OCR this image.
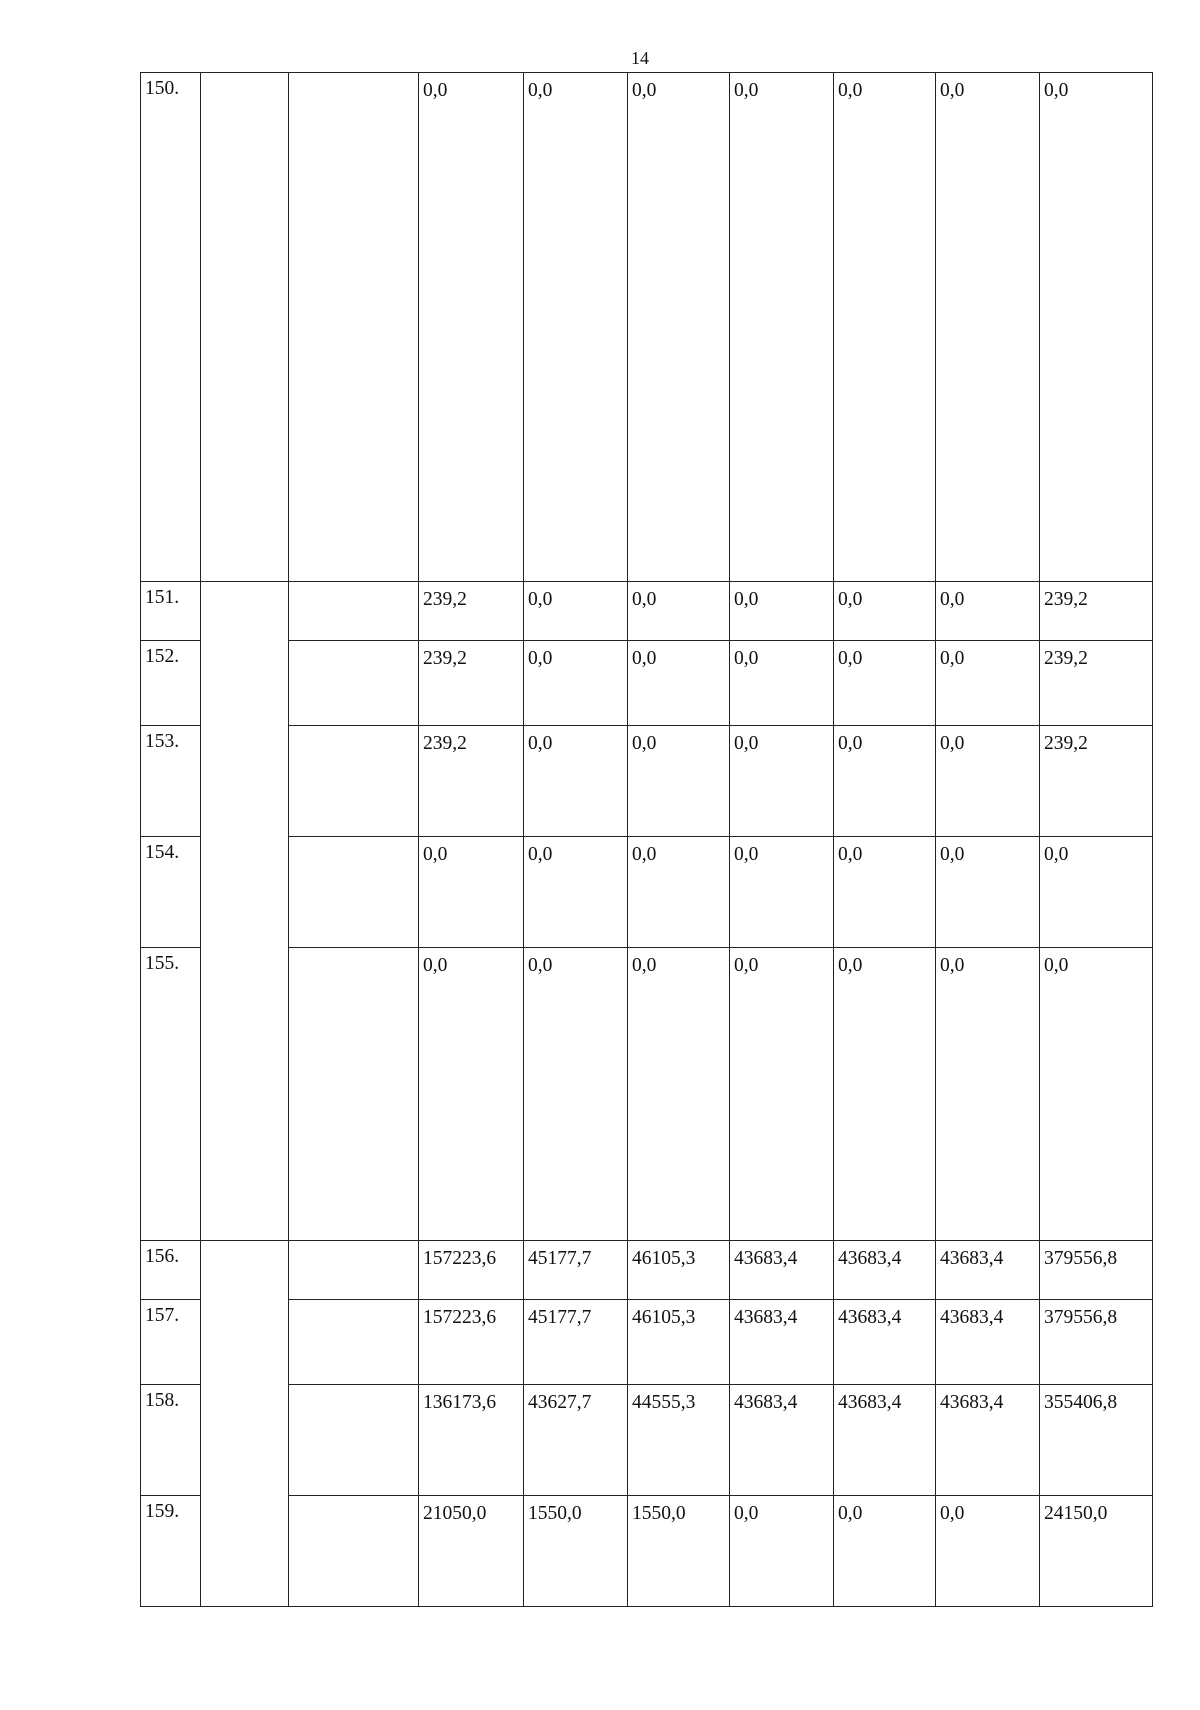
14
150.			0,0	0,0	0,0	0,0	0,0	0,0	0,0
151.			239,2	0,0	0,0	0,0	0,0	0,0	239,2
152.			239,2	0,0	0,0	0,0	0,0	0,0	239,2
153.			239,2	0,0	0,0	0,0	0,0	0,0	239,2
154.			0,0	0,0	0,0	0,0	0,0	0,0	0,0
155.			0,0	0,0	0,0	0,0	0,0	0,0	0,0
156.			157223,6	45177,7	46105,3	43683,4	43683,4	43683,4	379556,8
157.			157223,6	45177,7	46105,3	43683,4	43683,4	43683,4	379556,8
158.			136173,6	43627,7	44555,3	43683,4	43683,4	43683,4	355406,8
159.			21050,0	1550,0	1550,0	0,0	0,0	0,0	24150,0
